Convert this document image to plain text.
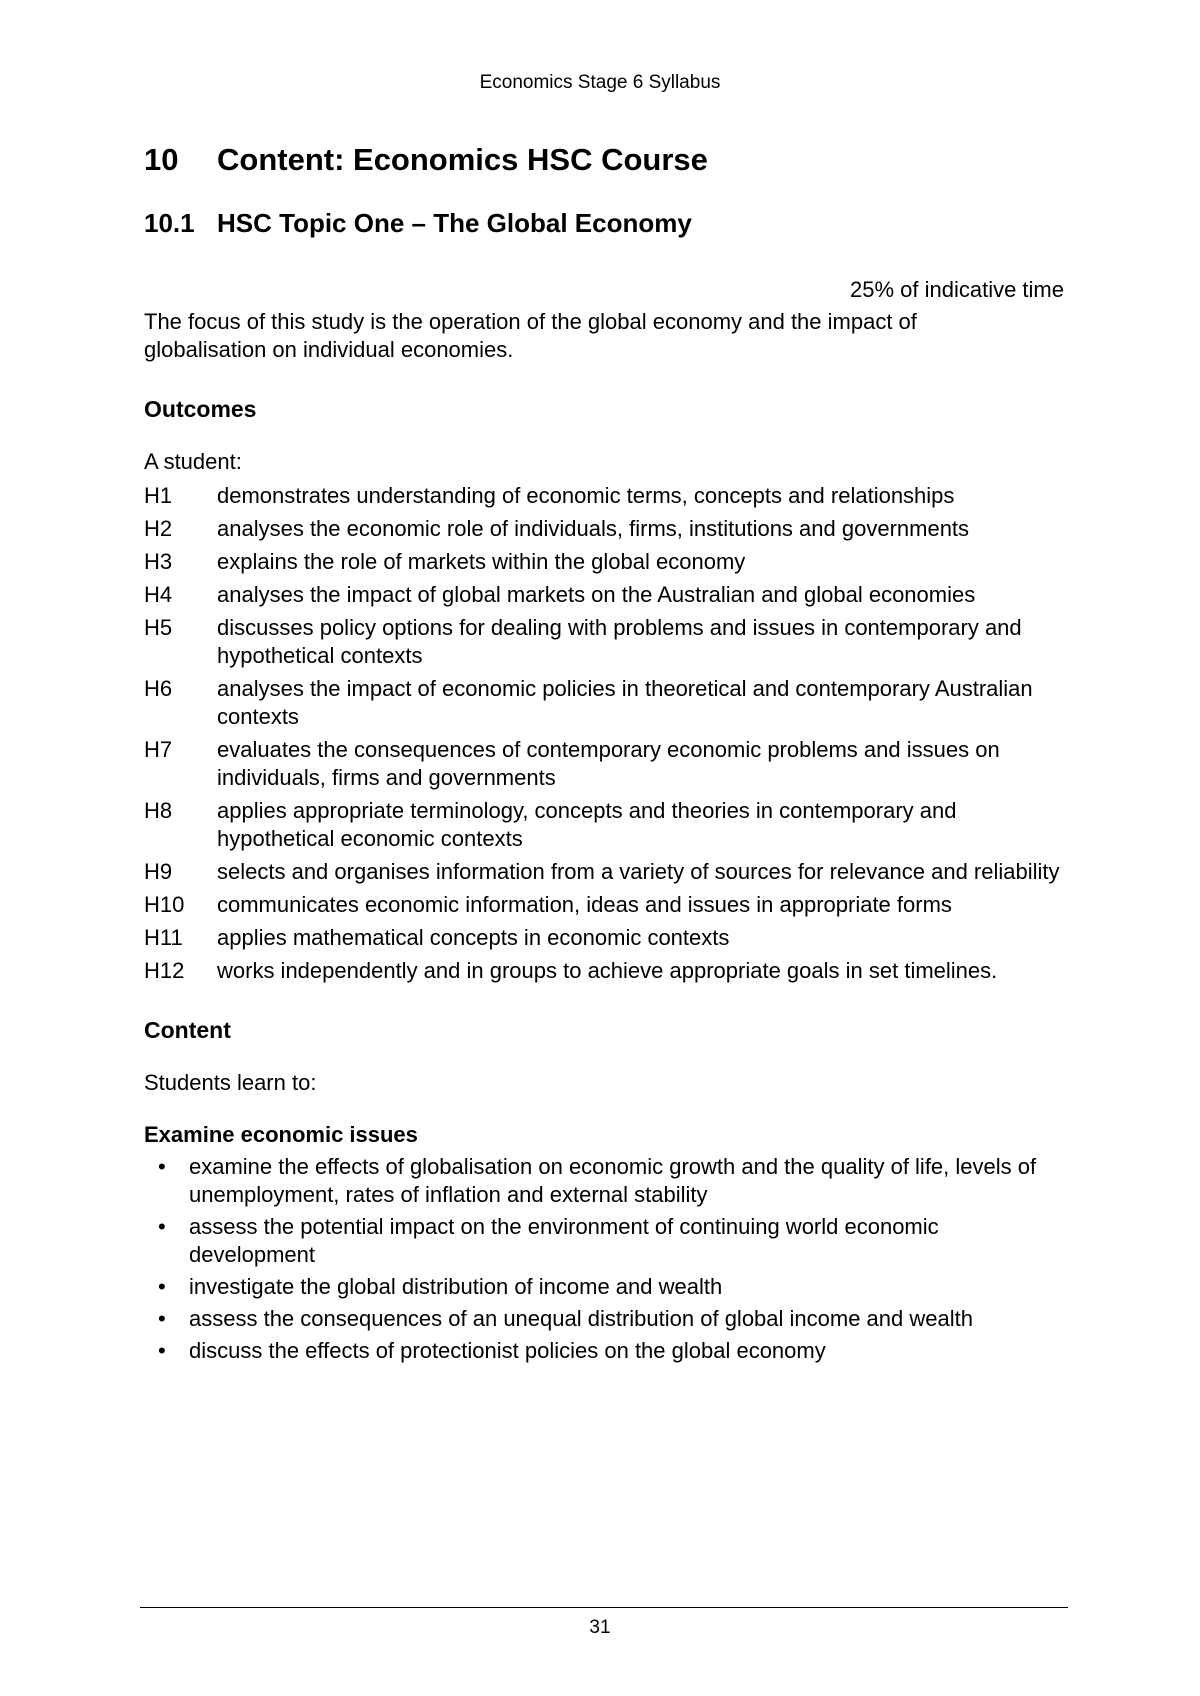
Economics Stage 6 Syllabus
10	Content: Economics HSC Course
10.1 HSC Topic One – The Global Economy
25% of indicative time
The focus of this study is the operation of the global economy and the impact of globalisation on individual economies.
Outcomes
A student:
H1	demonstrates understanding of economic terms, concepts and relationships
H2	analyses the economic role of individuals, firms, institutions and governments
H3	explains the role of markets within the global economy
H4	analyses the impact of global markets on the Australian and global economies
H5	discusses policy options for dealing with problems and issues in contemporary and hypothetical contexts
H6	analyses the impact of economic policies in theoretical and contemporary Australian contexts
H7	evaluates the consequences of contemporary economic problems and issues on individuals, firms and governments
H8	applies appropriate terminology, concepts and theories in contemporary and hypothetical economic contexts
H9	selects and organises information from a variety of sources for relevance and reliability
H10	communicates economic information, ideas and issues in appropriate forms
H11	applies mathematical concepts in economic contexts
H12	works independently and in groups to achieve appropriate goals in set timelines.
Content
Students learn to:
Examine economic issues
•	examine the effects of globalisation on economic growth and the quality of life, levels of unemployment, rates of inflation and external stability
•	assess the potential impact on the environment of continuing world economic development
•	investigate the global distribution of income and wealth
•	assess the consequences of an unequal distribution of global income and wealth
•	discuss the effects of protectionist policies on the global economy
31
